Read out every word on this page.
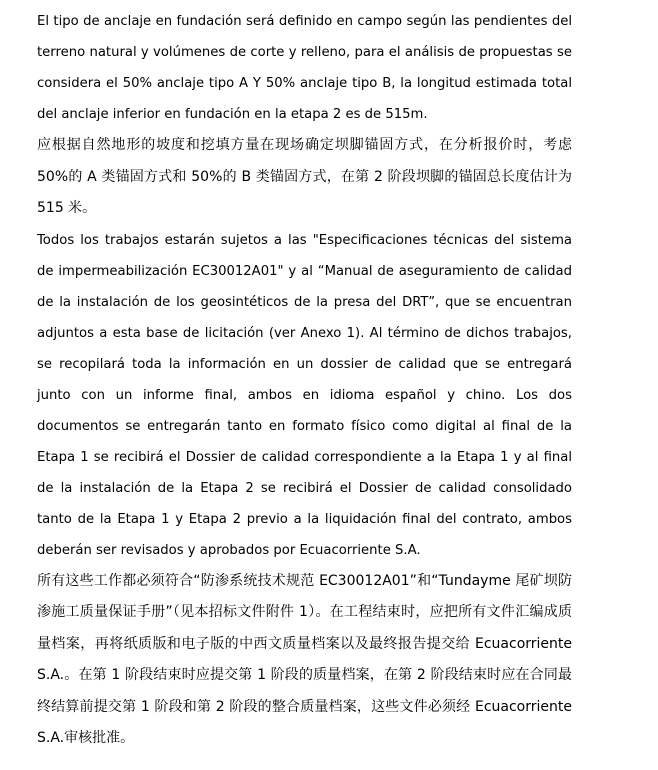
El tipo de anclaje en fundación será definido en campo según las pendientes del terreno natural y volúmenes de corte y relleno, para el análisis de propuestas se considera el 50% anclaje tipo A Y 50% anclaje tipo B, la longitud estimada total del anclaje inferior en fundación en la etapa 2 es de 515m.

应根据自然地形的坡度和挖填方量在现场确定坝脚锚固方式，在分析报价时，考虑 50%的 A 类锚固方式和 50%的 B 类锚固方式，在第 2 阶段坝脚的锚固总长度估计为 515 米。

Todos los trabajos estarán sujetos a las "Especificaciones técnicas del sistema de impermeabilización EC30012A01" y al “Manual de aseguramiento de calidad de la instalación de los geosintéticos de la presa del DRT”, que se encuentran adjuntos a esta base de licitación (ver Anexo 1). Al término de dichos trabajos, se recopilará toda la información en un dossier de calidad que se entregará junto con un informe final, ambos en idioma español y chino. Los dos documentos se entregarán tanto en formato físico como digital al final de la Etapa 1 se recibirá el Dossier de calidad correspondiente a la Etapa 1 y al final de la instalación de la Etapa 2 se recibirá el Dossier de calidad consolidado tanto de la Etapa 1 y Etapa 2 previo a la liquidación final del contrato, ambos deberán ser revisados y aprobados por Ecuacorriente S.A.

所有这些工作都必须符合“防渗系统技术规范 EC30012A01”和“Tundayme 尾矿坝防渗施工质量保证手册”（见本招标文件附件 1）。在工程结束时，应把所有文件汇编成质量档案，再将纸质版和电子版的中西文质量档案以及最终报告提交给 Ecuacorriente S.A.。在第 1 阶段结束时应提交第 1 阶段的质量档案，在第 2 阶段结束时应在合同最终结算前提交第 1 阶段和第 2 阶段的整合质量档案，这些文件必须经 Ecuacorriente S.A.审核批准。
